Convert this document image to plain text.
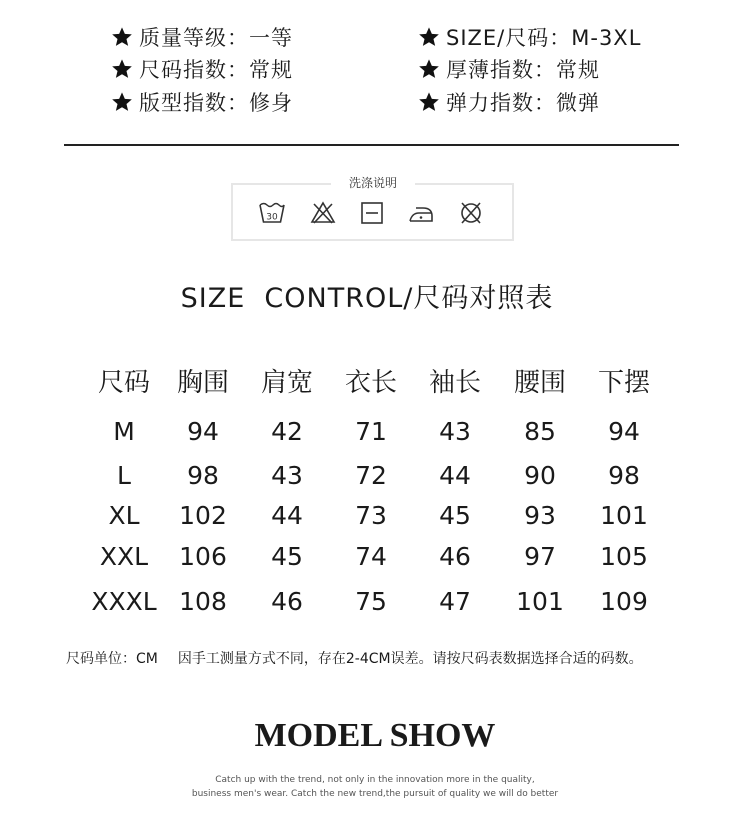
质量等级：一等
尺码指数：常规
版型指数：修身
SIZE/尺码：M-3XL
厚薄指数：常规
弹力指数：微弹
洗涤说明
30
SIZE  CONTROL/尺码对照表
尺码	胸围	肩宽	衣长	袖长	腰围	下摆
M	94	42	71	43	85	94
L	98	43	72	44	90	98
XL	102	44	73	45	93	101
XXL	106	45	74	46	97	105
XXXL 108	46	75	47	101	109
尺码单位：CM 因手工测量方式不同，存在2-4CM误差。请按尺码表数据选择合适的码数。
MODEL SHOW
Catch up with the trend, not only in the innovation more in the quality,
business men's wear. Catch the new trend,the pursuit of quality we will do better
